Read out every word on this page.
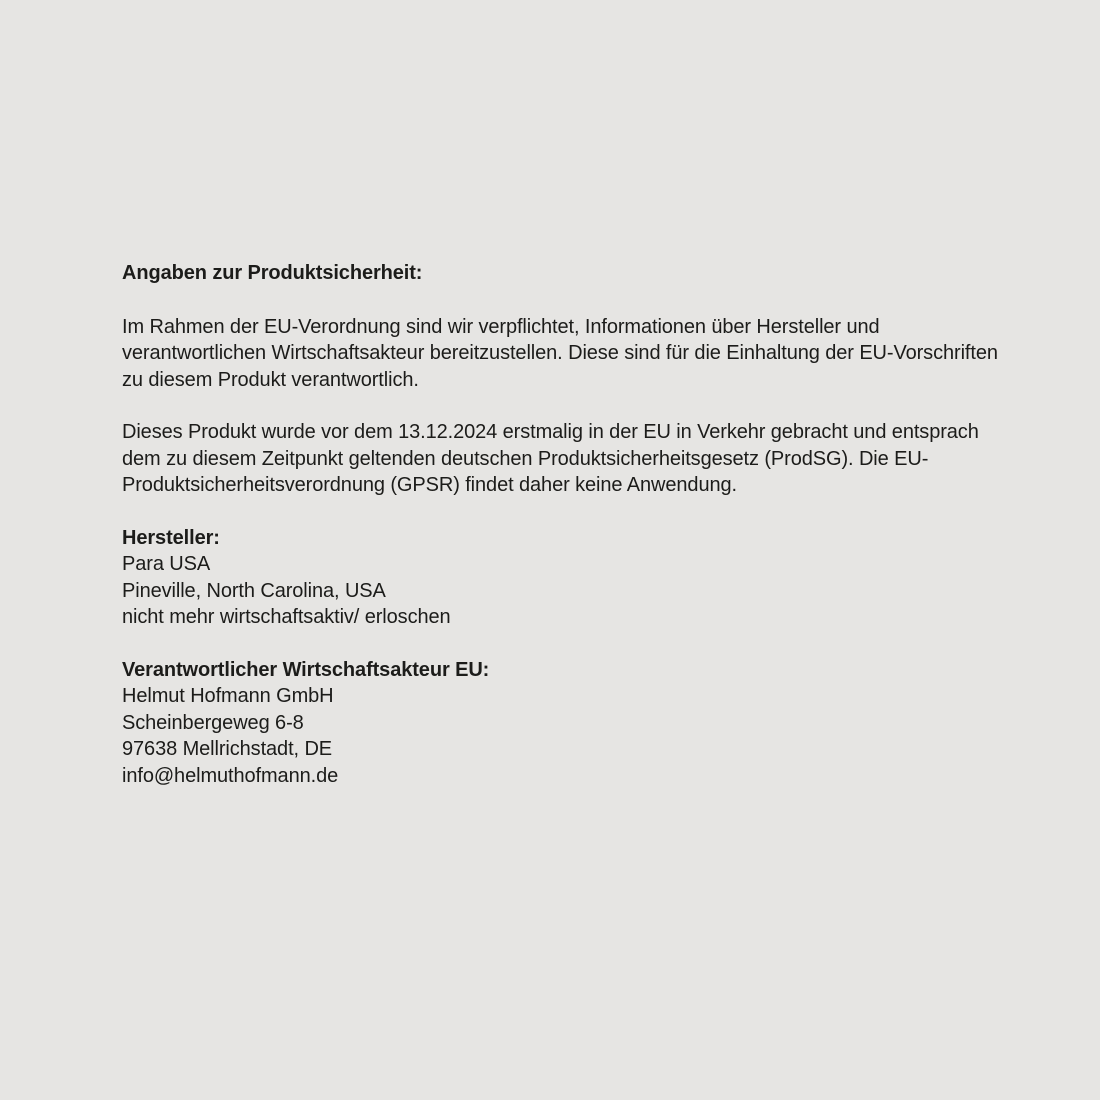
Angaben zur Produktsicherheit:

Im Rahmen der EU-Verordnung sind wir verpflichtet, Informationen über Hersteller und verantwortlichen Wirtschaftsakteur bereitzustellen. Diese sind für die Einhaltung der EU-Vorschriften zu diesem Produkt verantwortlich.

Dieses Produkt wurde vor dem 13.12.2024 erstmalig in der EU in Verkehr gebracht und entsprach dem zu diesem Zeitpunkt geltenden deutschen Produktsicherheitsgesetz (ProdSG). Die EU-Produktsicherheitsverordnung (GPSR) findet daher keine Anwendung.

Hersteller:
Para USA
Pineville, North Carolina, USA
nicht mehr wirtschaftsaktiv/ erloschen
Verantwortlicher Wirtschaftsakteur EU:
Helmut Hofmann GmbH
Scheinbergeweg 6-8
97638 Mellrichstadt, DE
info@helmuthofmann.de
